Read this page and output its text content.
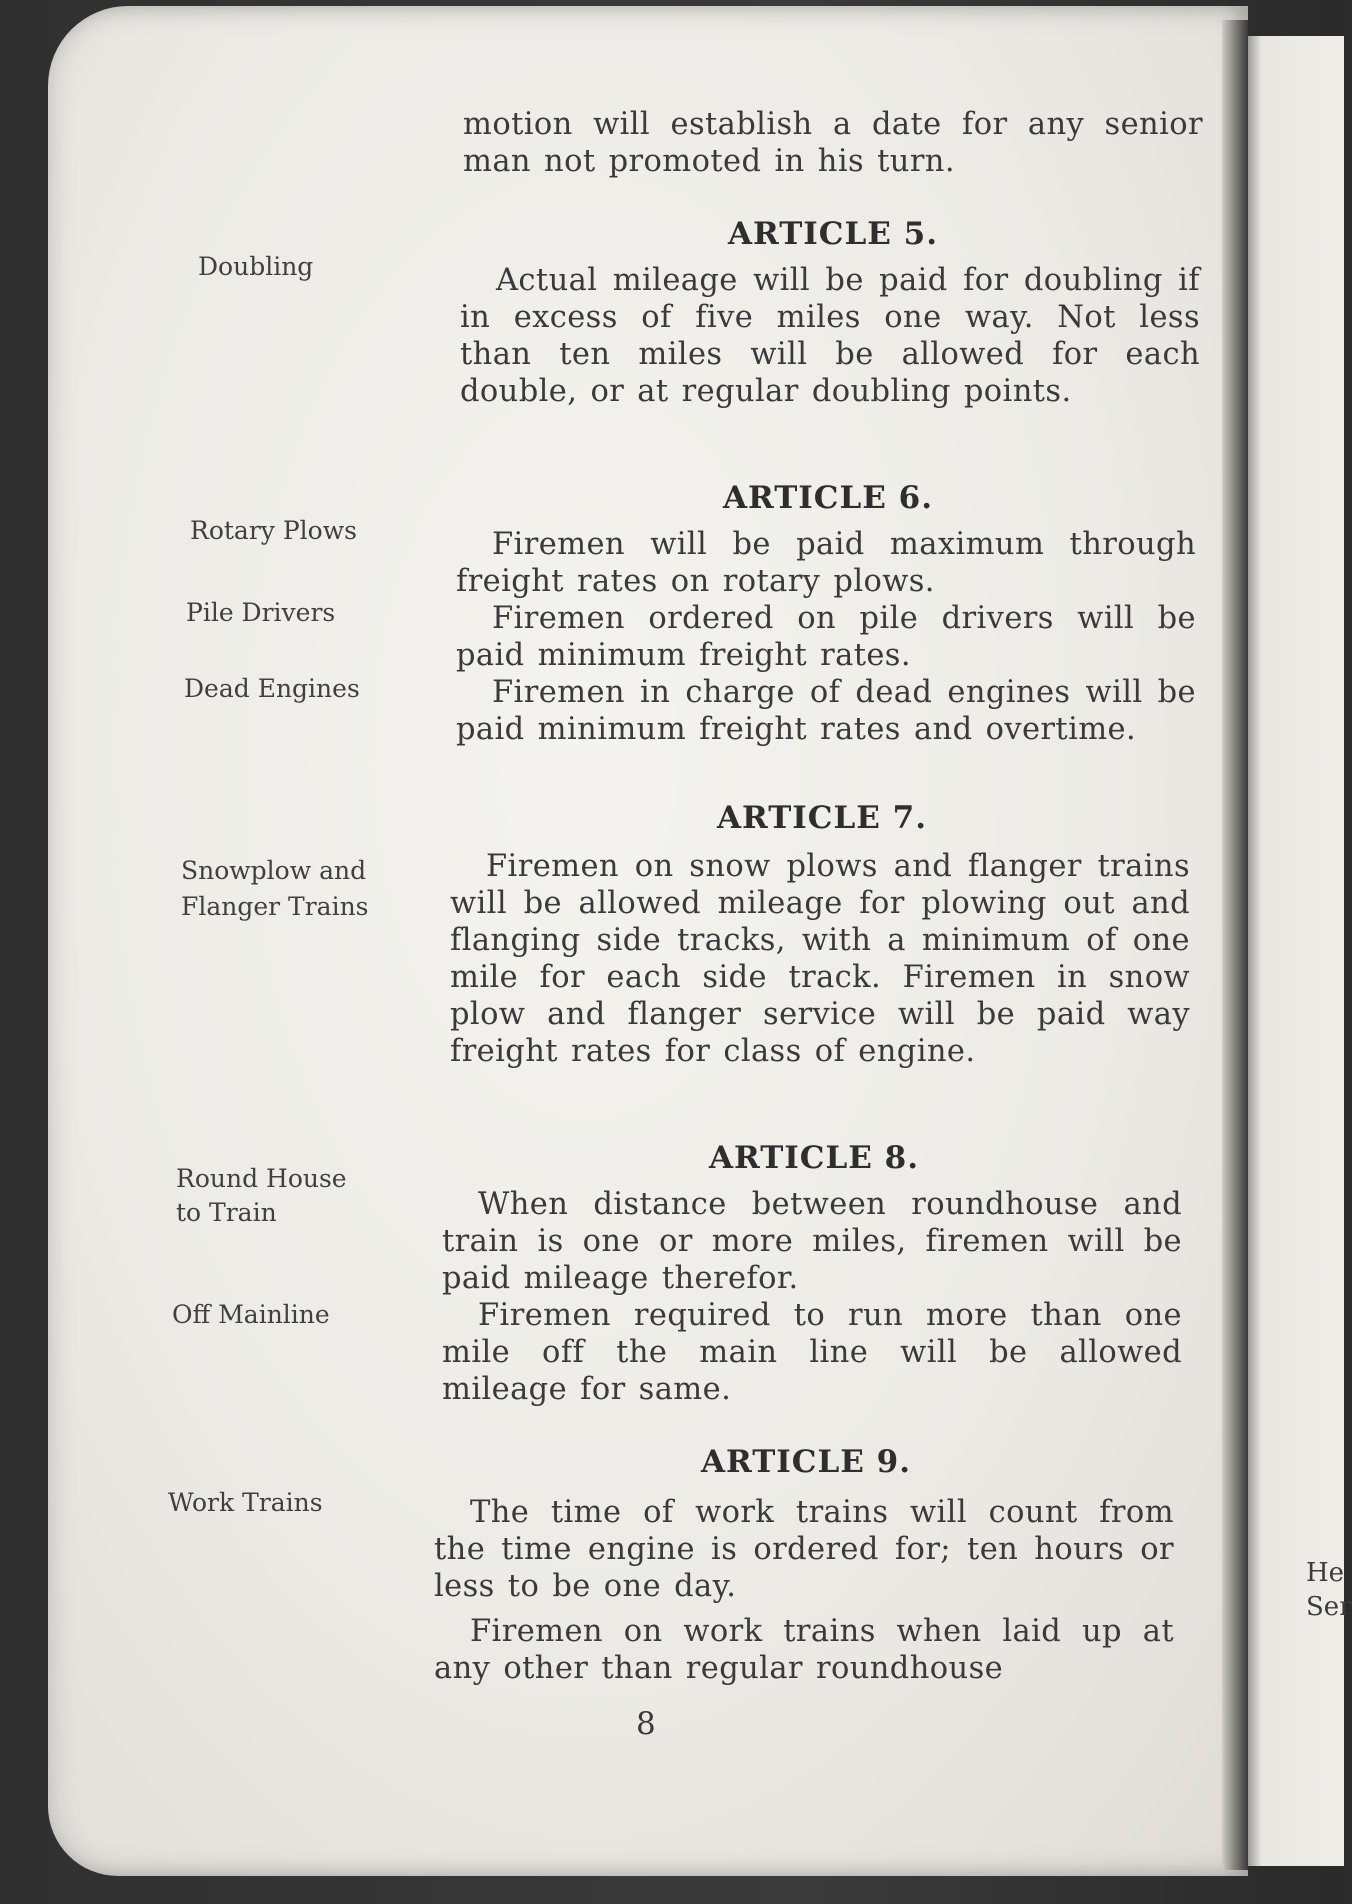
motion will establish a date for any senior man not promoted in his turn.

ARTICLE 5.
Doubling	Actual mileage will be paid for doubling if in excess of five miles one way. Not less than ten miles will be allowed for each double, or at regular doubling points.

ARTICLE 6.
Rotary Plows
Pile Drivers
Dead Engines

Firemen will be paid maximum through freight rates on rotary plows.

Firemen ordered on pile drivers will be paid minimum freight rates.

Firemen in charge of dead engines will be paid minimum freight rates and overtime.

ARTICLE 7.
Snowplow and
Flanger Trains

Firemen on snow plows and flanger trains will be allowed mileage for plowing out and flanging side tracks, with a minimum of one mile for each side track. Firemen in snow plow and flanger service will be paid way freight rates for class of engine.

ARTICLE 8.
Round House
to Train
Off Mainline

When distance between roundhouse and train is one or more miles, firemen will be paid mileage therefor.

Firemen required to run more than one mile off the main line will be allowed mileage for same.

ARTICLE 9.
Work Trains	The time of work trains will count from the time engine is ordered for; ten hours or less to be one day.

Firemen on work trains when laid up at any other than regular roundhouse

8
He
Ser
